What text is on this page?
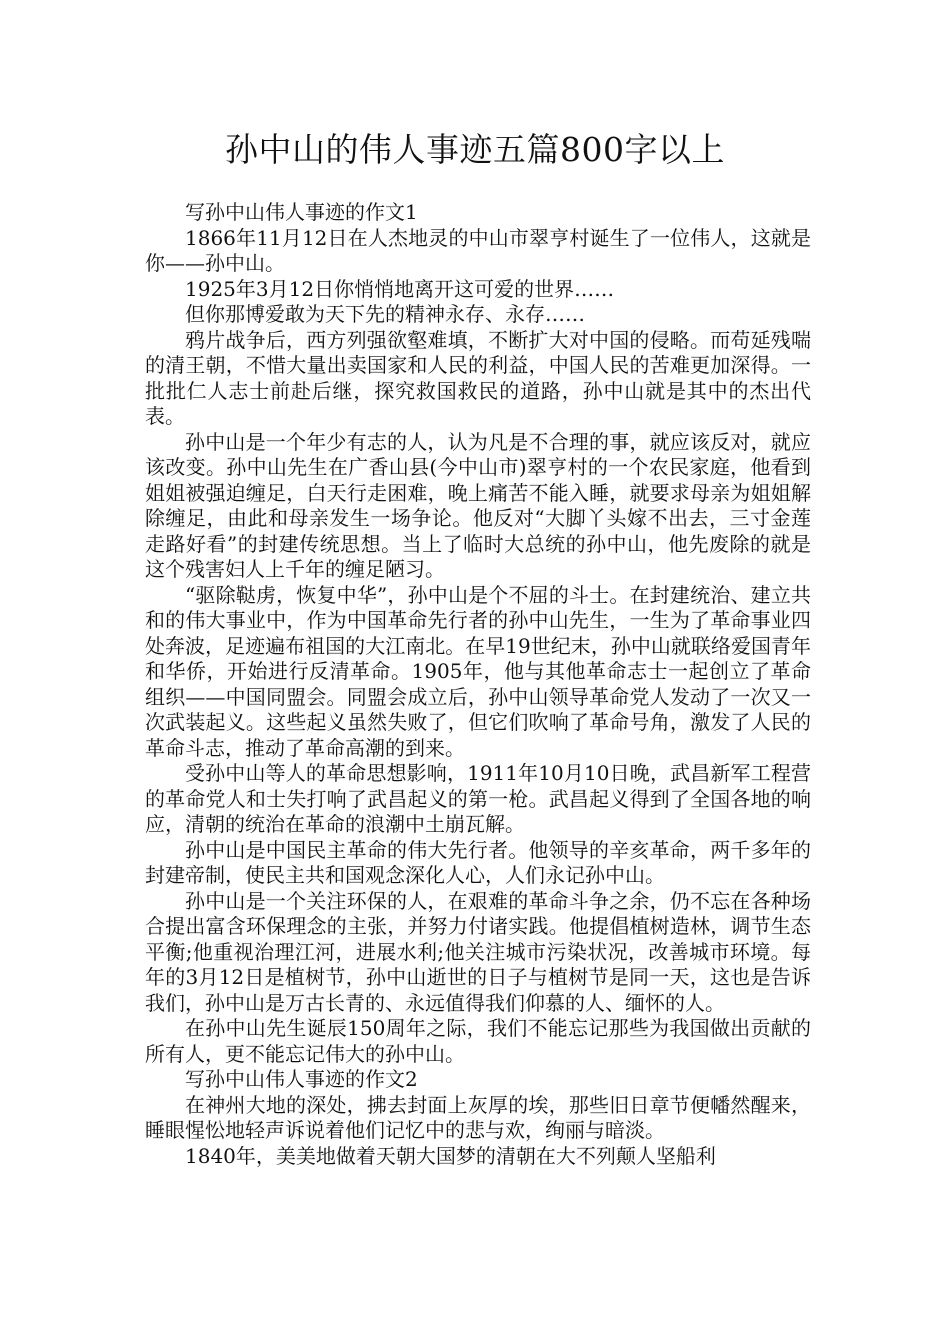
孙中山的伟人事迹五篇800字以上

写孙中山伟人事迹的作文1

1866年11月12日在人杰地灵的中山市翠亨村诞生了一位伟人，这就是你——孙中山。

1925年3月12日你悄悄地离开这可爱的世界……

但你那博爱敢为天下先的精神永存、永存……

鸦片战争后，西方列强欲壑难填，不断扩大对中国的侵略。而苟延残喘的清王朝，不惜大量出卖国家和人民的利益，中国人民的苦难更加深得。一批批仁人志士前赴后继，探究救国救民的道路，孙中山就是其中的杰出代表。

孙中山是一个年少有志的人，认为凡是不合理的事，就应该反对，就应该改变。孙中山先生在广香山县(今中山市)翠亨村的一个农民家庭，他看到姐姐被强迫缠足，白天行走困难，晚上痛苦不能入睡，就要求母亲为姐姐解除缠足，由此和母亲发生一场争论。他反对“大脚丫头嫁不出去，三寸金莲走路好看”的封建传统思想。当上了临时大总统的孙中山，他先废除的就是这个残害妇人上千年的缠足陋习。

“驱除鞑虏，恢复中华”，孙中山是个不屈的斗士。在封建统治、建立共和的伟大事业中，作为中国革命先行者的孙中山先生，一生为了革命事业四处奔波，足迹遍布祖国的大江南北。在早19世纪末，孙中山就联络爱国青年和华侨，开始进行反清革命。1905年，他与其他革命志士一起创立了革命组织——中国同盟会。同盟会成立后，孙中山领导革命党人发动了一次又一次武装起义。这些起义虽然失败了，但它们吹响了革命号角，激发了人民的革命斗志，推动了革命高潮的到来。

受孙中山等人的革命思想影响，1911年10月10日晚，武昌新军工程营的革命党人和士失打响了武昌起义的第一枪。武昌起义得到了全国各地的响应，清朝的统治在革命的浪潮中土崩瓦解。

孙中山是中国民主革命的伟大先行者。他领导的辛亥革命，两千多年的封建帝制，使民主共和国观念深化人心，人们永记孙中山。

孙中山是一个关注环保的人，在艰难的革命斗争之余，仍不忘在各种场合提出富含环保理念的主张，并努力付诸实践。他提倡植树造林，调节生态平衡;他重视治理江河，进展水利;他关注城市污染状况，改善城市环境。每年的3月12日是植树节，孙中山逝世的日子与植树节是同一天，这也是告诉我们，孙中山是万古长青的、永远值得我们仰慕的人、缅怀的人。

在孙中山先生诞辰150周年之际，我们不能忘记那些为我国做出贡献的所有人，更不能忘记伟大的孙中山。

写孙中山伟人事迹的作文2

在神州大地的深处，拂去封面上灰厚的埃，那些旧日章节便幡然醒来，睡眼惺忪地轻声诉说着他们记忆中的悲与欢，绚丽与暗淡。

1840年，美美地做着天朝大国梦的清朝在大不列颠人坚船利
